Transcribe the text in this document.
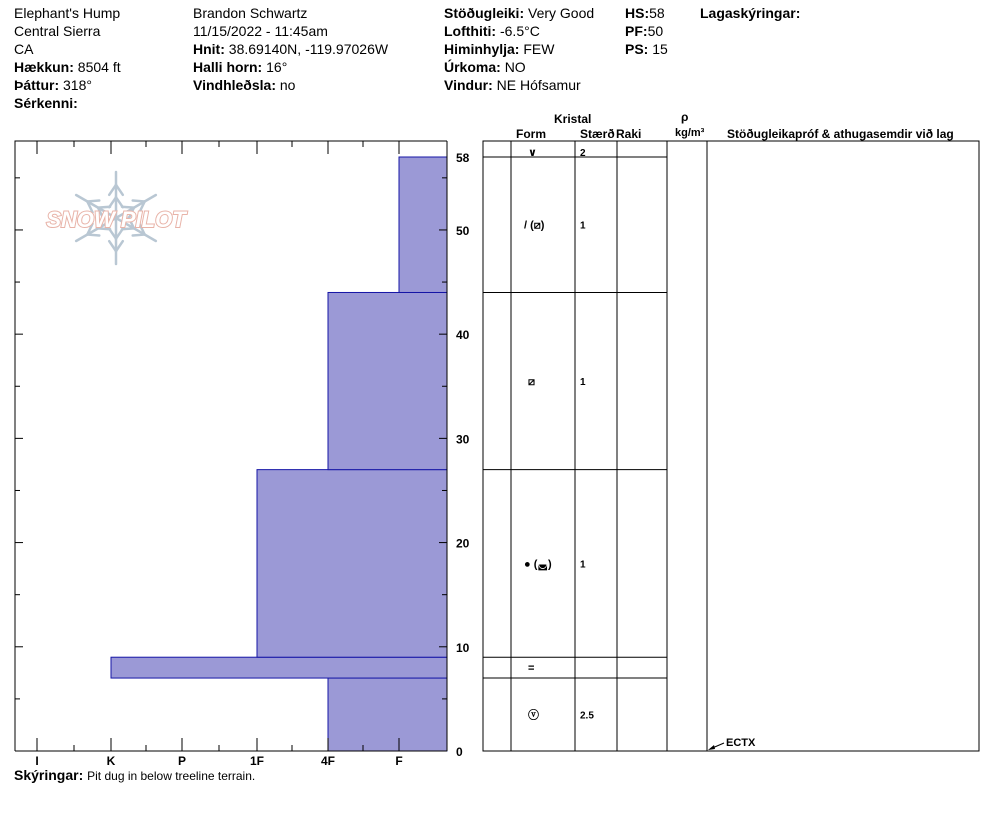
Elephant's Hump
Central Sierra
CA
Hækkun: 8504 ft
Þáttur: 318°
Sérkenni:
Brandon Schwartz
11/15/2022 - 11:45am
Hnit: 38.69140N, -119.97026W
Halli horn: 16°
Vindhleðsla: no
Stöðugleiki: Very Good
Lofthiti: -6.5°C
Himinhylja: FEW
Úrkoma: NO
Vindur: NE Hófsamur
HS:58
PF:50
PS: 15
Lagaskýringar:
Kristal
Form	Stærð Raki
ρ
kg/m³ Stöðugleikapróf & athugasemdir við lag
SNOW PILOT
0
10
20
30
40
50
58
I	K	P	1F	4F	F
ⓥ	2.5
=
● (◛)	1
⧄	1
/ (⧄)	1
∨	2
ECTX
Skýringar: Pit dug in below treeline terrain.
